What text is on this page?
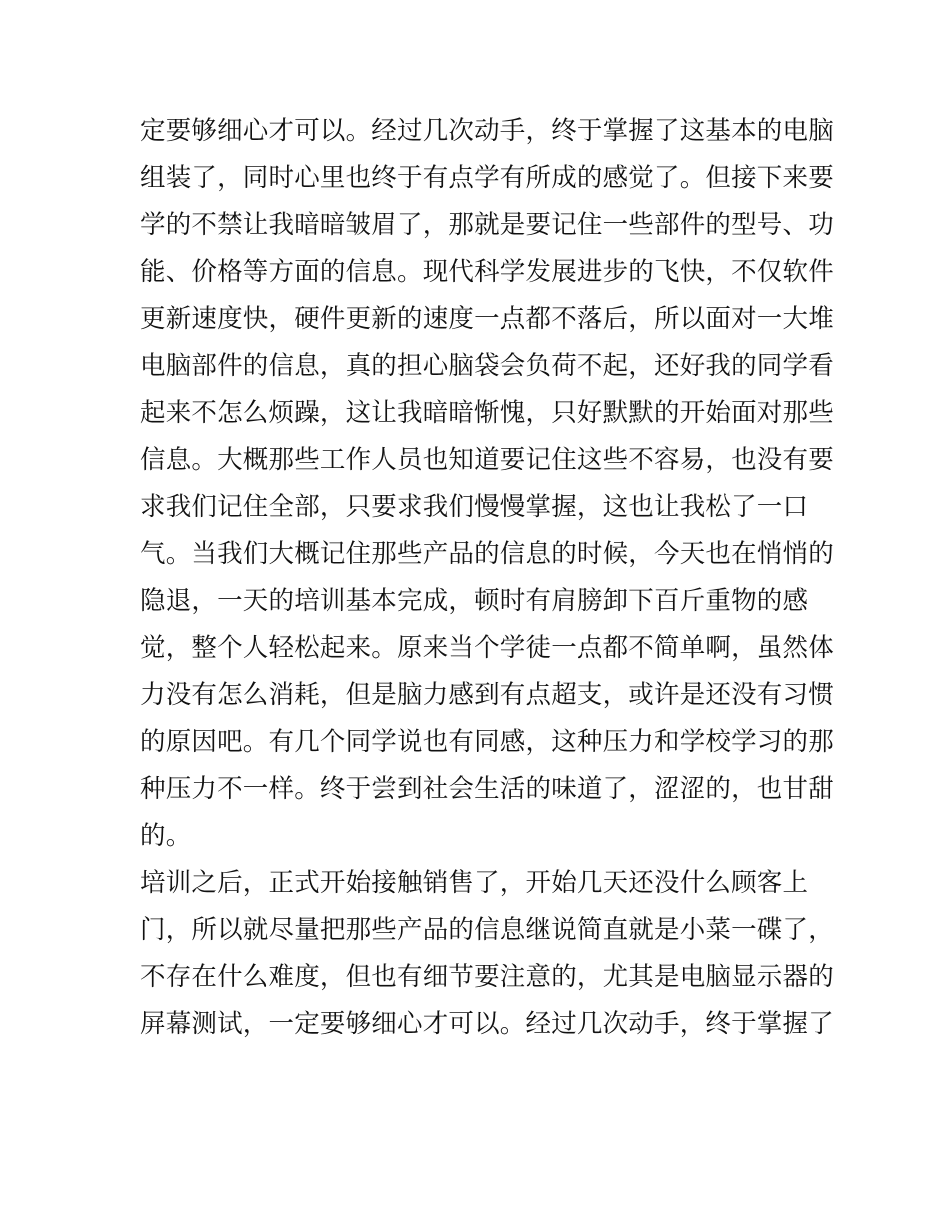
定要够细心才可以。经过几次动手，终于掌握了这基本的电脑
组装了，同时心里也终于有点学有所成的感觉了。但接下来要
学的不禁让我暗暗皱眉了，那就是要记住一些部件的型号、功
能、价格等方面的信息。现代科学发展进步的飞快，不仅软件
更新速度快，硬件更新的速度一点都不落后，所以面对一大堆
电脑部件的信息，真的担心脑袋会负荷不起，还好我的同学看
起来不怎么烦躁，这让我暗暗惭愧，只好默默的开始面对那些
信息。大概那些工作人员也知道要记住这些不容易，也没有要
求我们记住全部，只要求我们慢慢掌握，这也让我松了一口
气。当我们大概记住那些产品的信息的时候，今天也在悄悄的
隐退，一天的培训基本完成，顿时有肩膀卸下百斤重物的感
觉，整个人轻松起来。原来当个学徒一点都不简单啊，虽然体
力没有怎么消耗，但是脑力感到有点超支，或许是还没有习惯
的原因吧。有几个同学说也有同感，这种压力和学校学习的那
种压力不一样。终于尝到社会生活的味道了，涩涩的，也甘甜
的。
培训之后，正式开始接触销售了，开始几天还没什么顾客上
门，所以就尽量把那些产品的信息继说简直就是小菜一碟了，
不存在什么难度，但也有细节要注意的，尤其是电脑显示器的
屏幕测试，一定要够细心才可以。经过几次动手，终于掌握了
